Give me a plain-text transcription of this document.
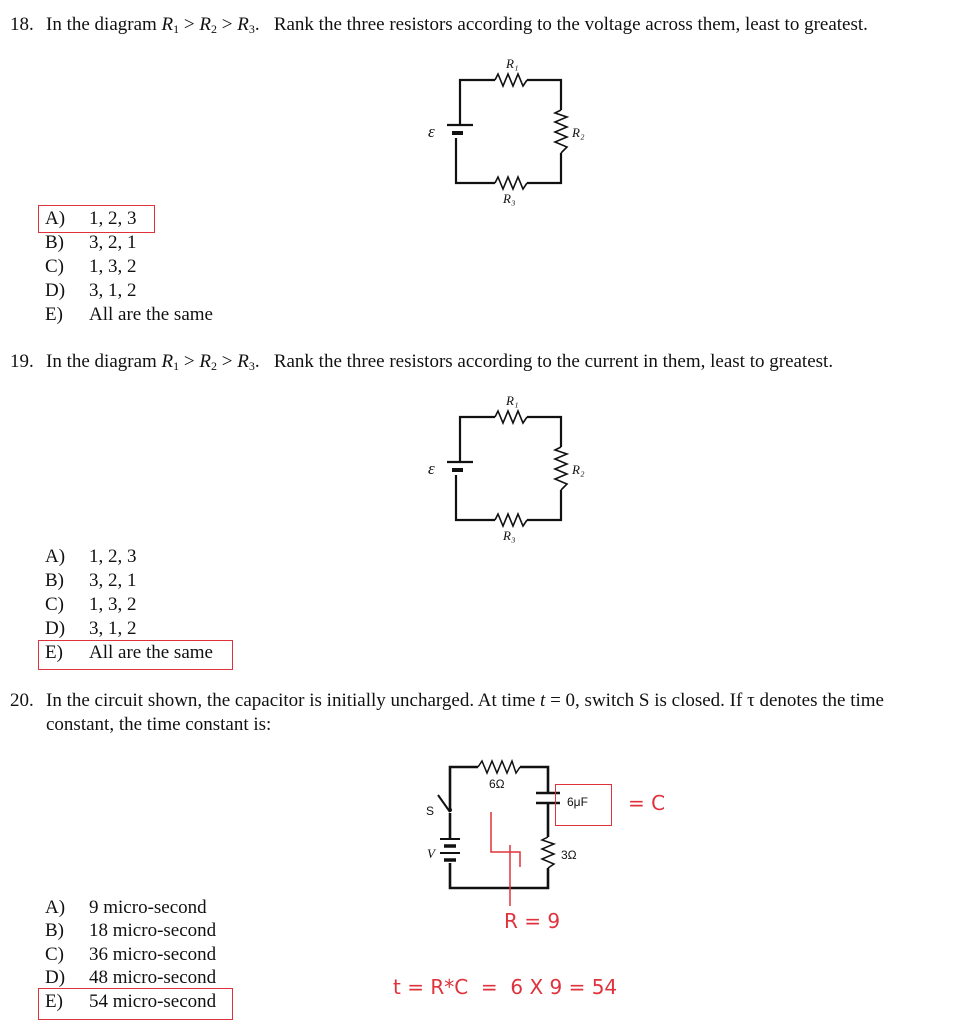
18. In the diagram $R_1 > R_2 > R_3$.   Rank the three resistors according to the voltage across them, least to greatest.
R₁
R₂
R₃
ε
A) 1, 2, 3
B) 3, 2, 1
C) 1, 3, 2
D) 3, 1, 2
E) All are the same
19. In the diagram $R_1 > R_2 > R_3$.   Rank the three resistors according to the current in them, least to greatest.
R₁
R₂
R₃
ε
A) 1, 2, 3
B) 3, 2, 1
C) 1, 3, 2
D) 3, 1, 2
E) All are the same
20. In the circuit shown, the capacitor is initially uncharged. At time t = 0, switch S is closed. If τ denotes the time
constant, the time constant is:
6Ω
6μF
3Ω
S
V
A) 9 micro-second
B) 18 micro-second
C) 36 micro-second
D) 48 micro-second
E) 54 micro-second
= C
R = 9
t = R*C  =  6 X 9 = 54
